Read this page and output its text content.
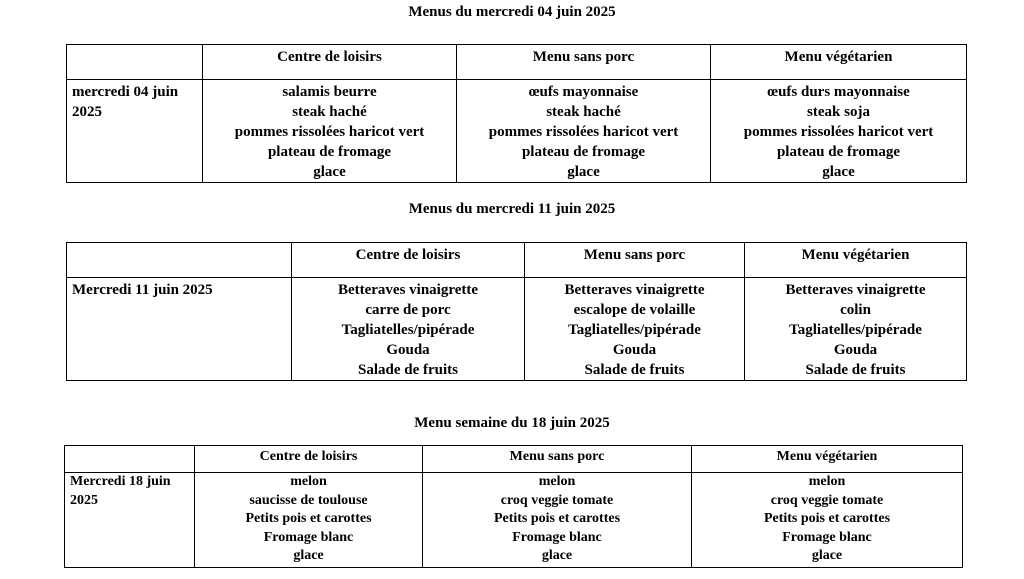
Menus du mercredi 04 juin 2025
	Centre de loisirs	Menu sans porc	Menu végétarien
mercredi 04 juin 2025	salamis beurre
steak haché
pommes rissolées haricot vert
plateau de fromage
glace	œufs mayonnaise
steak haché
pommes rissolées haricot vert
plateau de fromage
glace	œufs durs mayonnaise
steak soja
pommes rissolées haricot vert
plateau de fromage
glace
Menus du mercredi 11 juin 2025
	Centre de loisirs	Menu sans porc	Menu végétarien
Mercredi 11 juin 2025	Betteraves vinaigrette
carre de porc
Tagliatelles/pipérade
Gouda
Salade de fruits	Betteraves vinaigrette
escalope de volaille
Tagliatelles/pipérade
Gouda
Salade de fruits	Betteraves vinaigrette
colin
Tagliatelles/pipérade
Gouda
Salade de fruits
Menu semaine du 18 juin 2025
	Centre de loisirs	Menu sans porc	Menu végétarien
Mercredi 18 juin 2025	melon
saucisse de toulouse
Petits pois et carottes
Fromage blanc
glace	melon
croq veggie tomate
Petits pois et carottes
Fromage blanc
glace	melon
croq veggie tomate
Petits pois et carottes
Fromage blanc
glace
